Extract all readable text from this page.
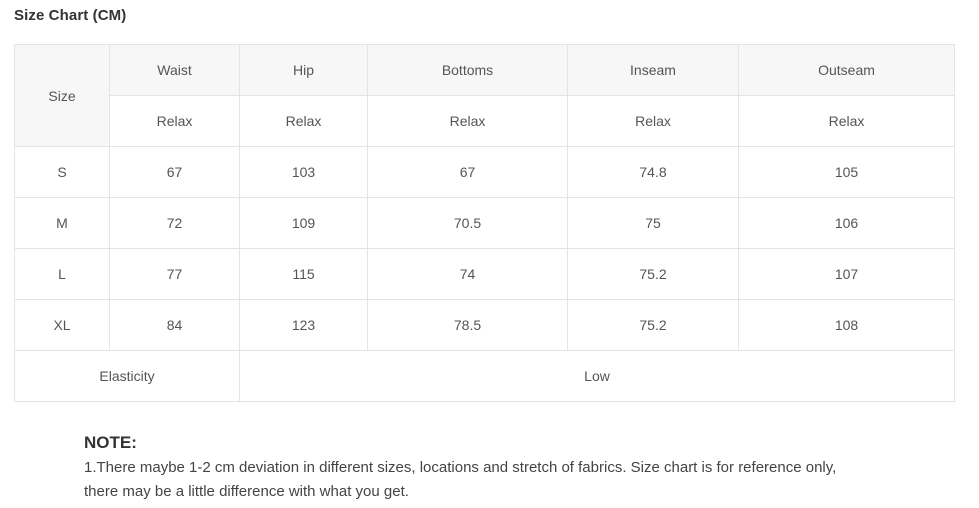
Size Chart (CM)
Size	Waist	Hip	Bottoms	Inseam	Outseam
	Relax	Relax	Relax	Relax	Relax
S	67	103	67	74.8	105
M	72	109	70.5	75	106
L	77	115	74	75.2	107
XL	84	123	78.5	75.2	108
Elasticity		Low			
NOTE:
1.There maybe 1-2 cm deviation in different sizes, locations and stretch of fabrics. Size chart is for reference only, there may be a little difference with what you get.
